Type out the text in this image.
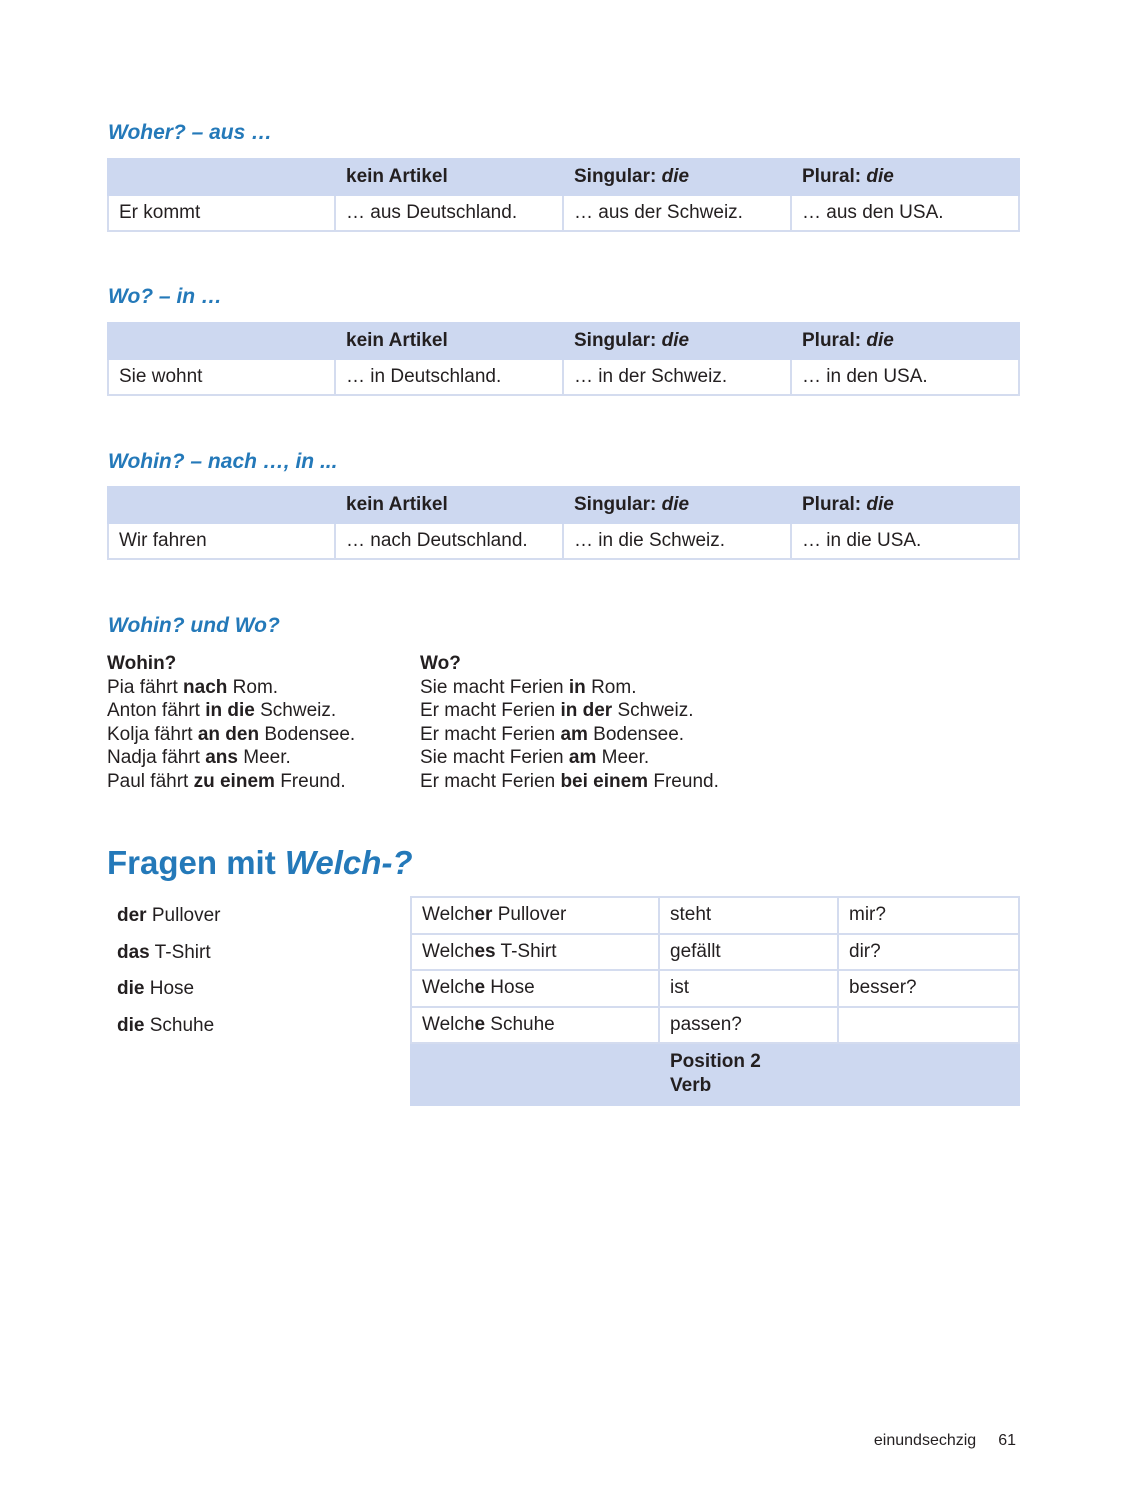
Woher? – aus …
	kein Artikel	Singular: die	Plural: die
Er kommt	… aus Deutschland.	… aus der Schweiz.	… aus den USA.
Wo? – in …
	kein Artikel	Singular: die	Plural: die
Sie wohnt	… in Deutschland.	… in der Schweiz.	… in den USA.
Wohin? – nach …, in ...
	kein Artikel	Singular: die	Plural: die
Wir fahren	… nach Deutschland.	… in die Schweiz.	… in die USA.
Wohin? und Wo?
Wohin?
Pia fährt nach Rom.
Anton fährt in die Schweiz.
Kolja fährt an den Bodensee.
Nadja fährt ans Meer.
Paul fährt zu einem Freund.
Wo?
Sie macht Ferien in Rom.
Er macht Ferien in der Schweiz.
Er macht Ferien am Bodensee.
Sie macht Ferien am Meer.
Er macht Ferien bei einem Freund.
Fragen mit Welch-?
der Pullover
das T-Shirt
die Hose
die Schuhe
Welcher Pullover	steht	mir?
Welches T-Shirt	gefällt	dir?
Welche Hose	ist	besser?
Welche Schuhe	passen?	

	Position 2
Verb	
einundsechzig 61
